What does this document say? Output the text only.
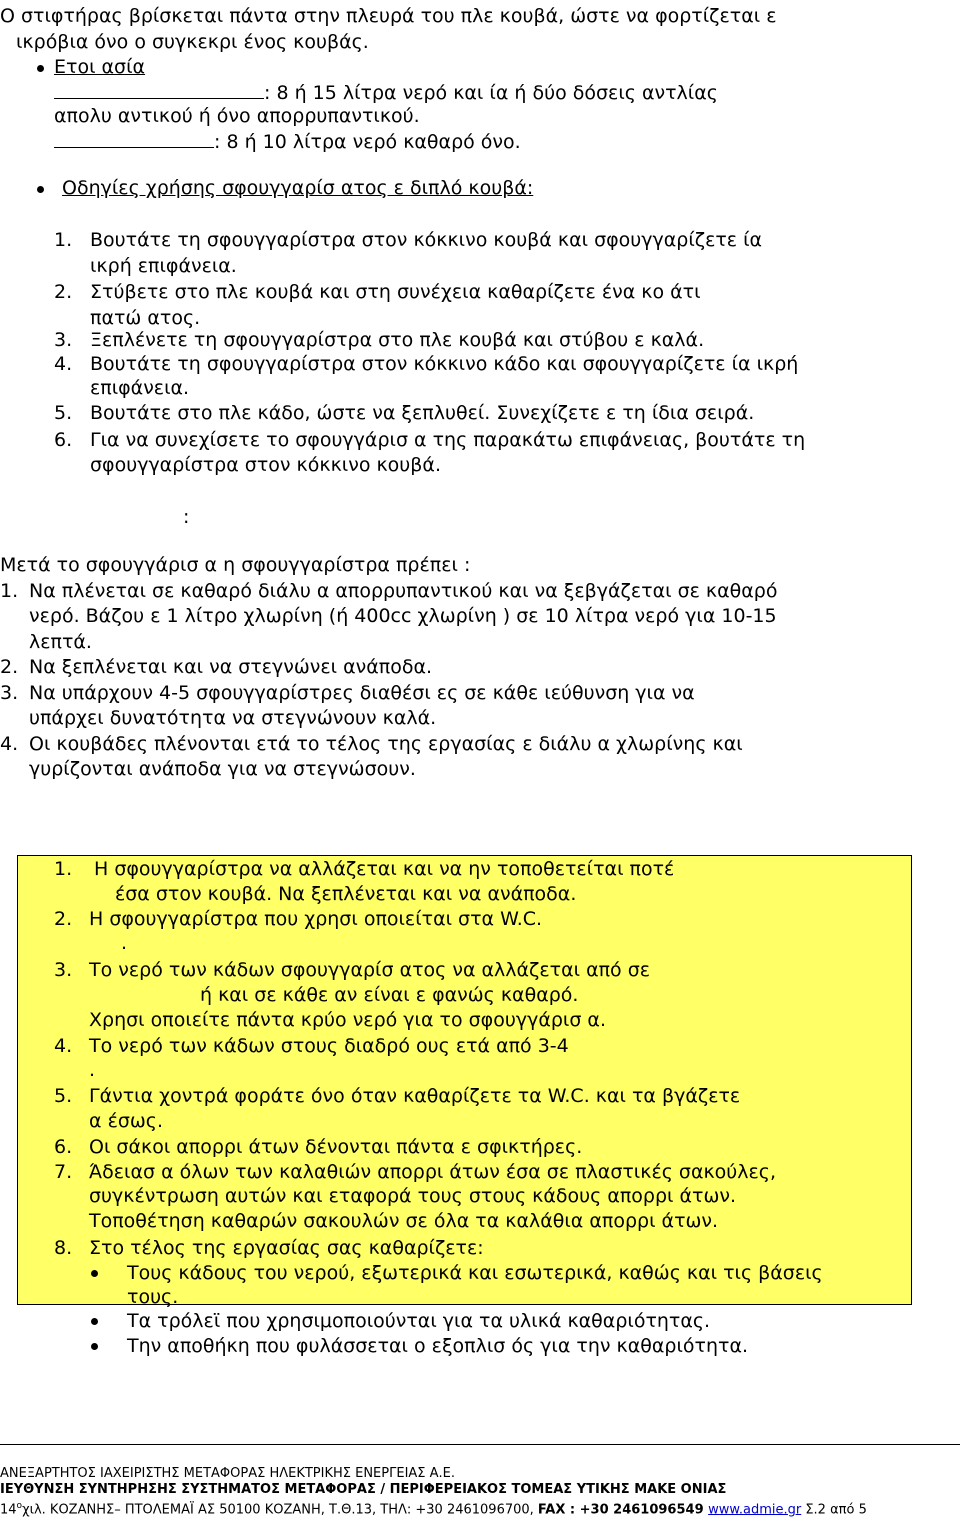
Ο στιφτήρας βρίσκεται πάντα στην πλευρά του πλε κουβά, ώστε να φορτίζεται ε
ικρόβια όνο ο συγκεκρι ένος κουβάς.
Ετοι ασία
: 8 ή 15 λίτρα νερό και ία ή δύο δόσεις αντλίας
απολυ αντικού ή όνο απορρυπαντικού.
: 8 ή 10 λίτρα νερό καθαρό όνο.
Οδηγίες χρήσης σφουγγαρίσ ατος ε διπλό κουβά:
1. Βουτάτε τη σφουγγαρίστρα στον κόκκινο κουβά και σφουγγαρίζετε ία
ικρή επιφάνεια.
2. Στύβετε στο πλε κουβά και στη συνέχεια καθαρίζετε ένα κο άτι
πατώ ατος.
3. Ξεπλένετε τη σφουγγαρίστρα στο πλε κουβά και στύβου ε καλά.
4. Βουτάτε τη σφουγγαρίστρα στον κόκκινο κάδο και σφουγγαρίζετε ία ικρή
επιφάνεια.
5. Βουτάτε στο πλε κάδο, ώστε να ξεπλυθεί. Συνεχίζετε ε τη ίδια σειρά.
6. Για να συνεχίσετε το σφουγγάρισ α της παρακάτω επιφάνειας, βουτάτε τη
σφουγγαρίστρα στον κόκκινο κουβά.
:
Μετά το σφουγγάρισ α η σφουγγαρίστρα πρέπει :
1. Να πλένεται σε καθαρό διάλυ α απορρυπαντικού και να ξεβγάζεται σε καθαρό
νερό. Βάζου ε 1 λίτρο χλωρίνη (ή 400cc χλωρίνη ) σε 10 λίτρα νερό για 10-15
λεπτά.
2. Να ξεπλένεται και να στεγνώνει ανάποδα.
3. Να υπάρχουν 4-5 σφουγγαρίστρες διαθέσι ες σε κάθε ιεύθυνση για να
υπάρχει δυνατότητα να στεγνώνουν καλά.
4. Οι κουβάδες πλένονται ετά το τέλος της εργασίας ε διάλυ α χλωρίνης και
γυρίζονται ανάποδα για να στεγνώσουν.
1. Η σφουγγαρίστρα να αλλάζεται και να ην τοποθετείται ποτέ
έσα στον κουβά. Να ξεπλένεται και να ανάποδα.
2. Η σφουγγαρίστρα που χρησι οποιείται στα W.C.
.
3. Το νερό των κάδων σφουγγαρίσ ατος να αλλάζεται από σε
ή και σε κάθε αν είναι ε φανώς καθαρό.
Χρησι οποιείτε πάντα κρύο νερό για το σφουγγάρισ α.
4. Το νερό των κάδων στους διαδρό ους ετά από 3-4
.
5. Γάντια χοντρά φοράτε όνο όταν καθαρίζετε τα W.C. και τα βγάζετε
α έσως.
6. Οι σάκοι απορρι άτων δένονται πάντα ε σφικτήρες.
7. Άδειασ α όλων των καλαθιών απορρι άτων έσα σε πλαστικές σακούλες,
συγκέντρωση αυτών και εταφορά τους στους κάδους απορρι άτων.
Τοποθέτηση καθαρών σακουλών σε όλα τα καλάθια απορρι άτων.
8. Στο τέλος της εργασίας σας καθαρίζετε:
Τους κάδους του νερού, εξωτερικά και εσωτερικά, καθώς και τις βάσεις
τους.
Τα τρόλεϊ που χρησιμοποιούνται για τα υλικά καθαριότητας.
Την αποθήκη που φυλάσσεται ο εξοπλισ ός για την καθαριότητα.
ΑΝΕΞΑΡΤΗΤΟΣ ΙΑΧΕΙΡΙΣΤΗΣ ΜΕΤΑΦΟΡΑΣ ΗΛΕΚΤΡΙΚΗΣ ΕΝΕΡΓΕΙΑΣ Α.Ε.
ΙΕΥΘΥΝΣΗ ΣΥΝΤΗΡΗΣΗΣ ΣΥΣΤΗΜΑΤΟΣ ΜΕΤΑΦΟΡΑΣ / ΠΕΡΙΦΕΡΕΙΑΚΟΣ ΤΟΜΕΑΣ ΥΤΙΚΗΣ ΜΑΚΕ ΟΝΙΑΣ
14$^o$χιλ. ΚΟΖΑΝΗΣ– ΠΤΟΛΕΜΑΪ ΑΣ 50100 ΚΟΖΑΝΗ, Τ.Θ.13, ΤΗΛ: +30 2461096700, FAX : +30 2461096549 www.admie.gr Σ.2 από 5
